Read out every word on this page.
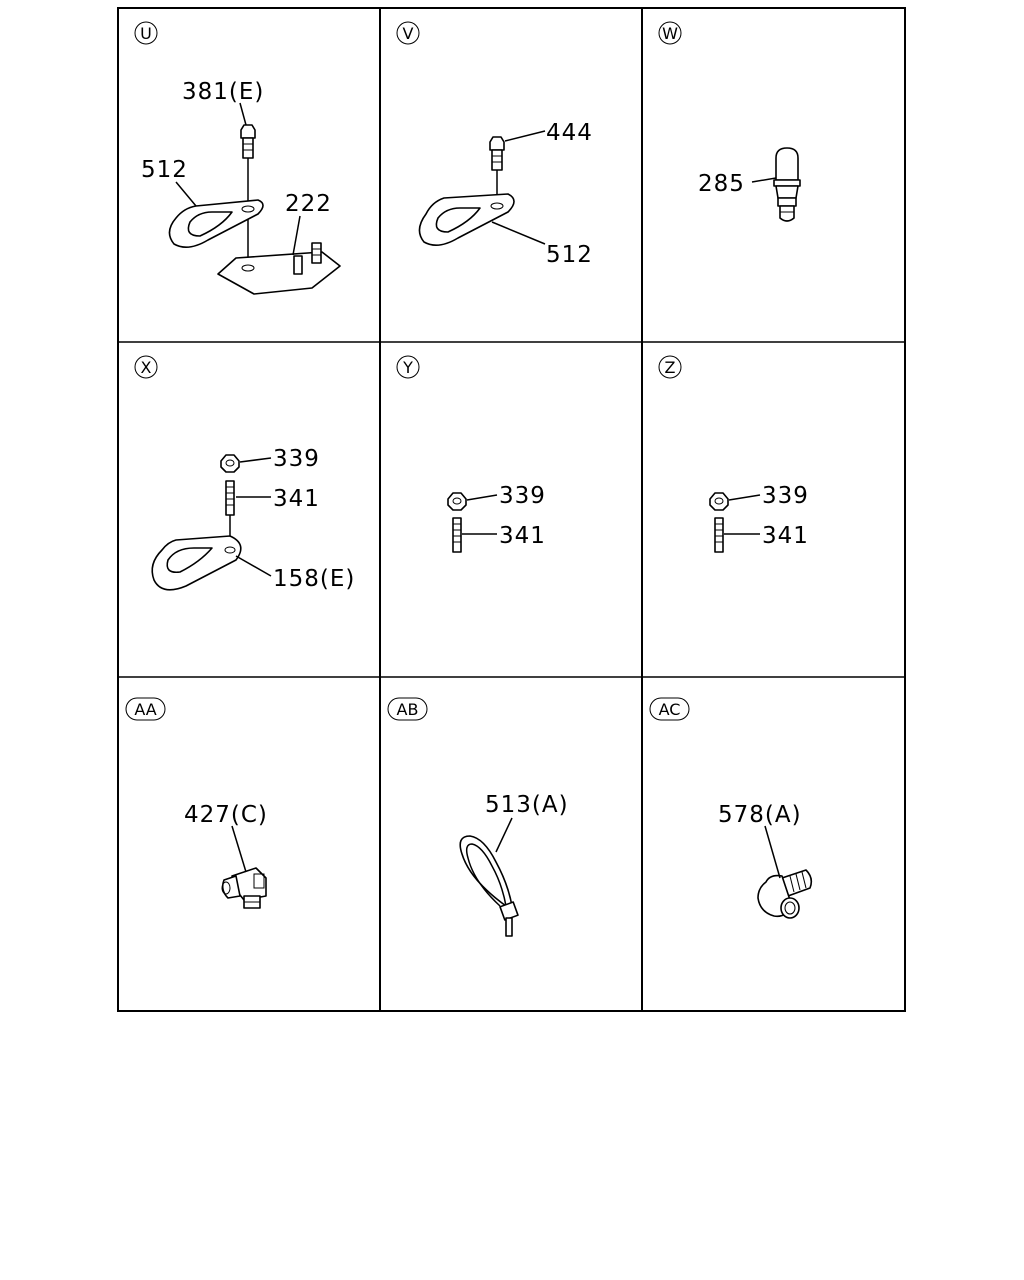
U
381(E)
512
222
V
444
512
W
285
X
339
341
158(E)
Y
339
341
Z
339
341
AA
427(C)
AB
513(A)
AC
578(A)
